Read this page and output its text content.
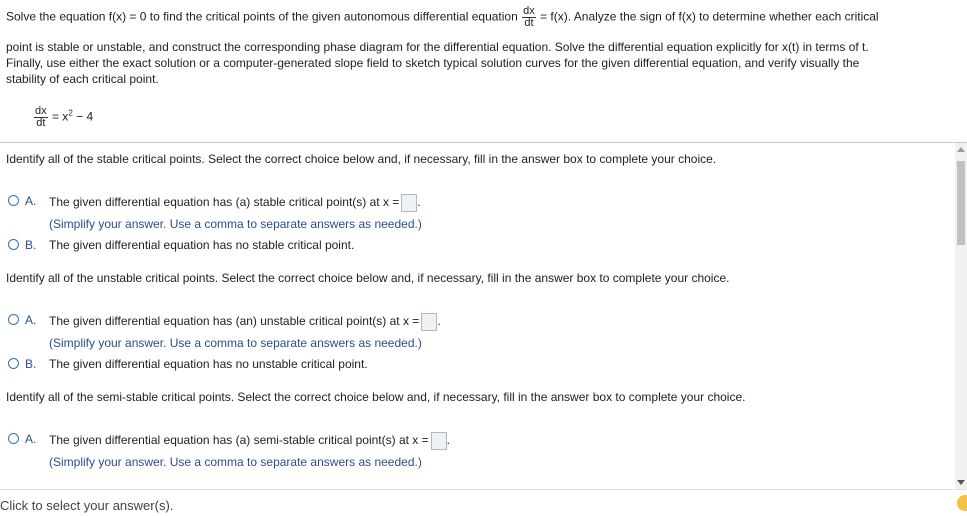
Solve the equation f(x) = 0 to find the critical points of the given autonomous differential equation $\frac{dx}{dt} = f(x)$. Analyze the sign of f(x) to determine whether each critical
point is stable or unstable, and construct the corresponding phase diagram for the differential equation. Solve the differential equation explicitly for x(t) in terms of t.
Finally, use either the exact solution or a computer-generated slope field to sketch typical solution curves for the given differential equation, and verify visually the
stability of each critical point.
$\frac{dx}{dt} = x^2 - 4$
Identify all of the stable critical points. Select the correct choice below and, if necessary, fill in the answer box to complete your choice.
A.	The given differential equation has (a) stable critical point(s) at x = .
(Simplify your answer. Use a comma to separate answers as needed.)
B.	The given differential equation has no stable critical point.
Identify all of the unstable critical points. Select the correct choice below and, if necessary, fill in the answer box to complete your choice.
A.	The given differential equation has (an) unstable critical point(s) at x = .
(Simplify your answer. Use a comma to separate answers as needed.)
B.	The given differential equation has no unstable critical point.
Identify all of the semi-stable critical points. Select the correct choice below and, if necessary, fill in the answer box to complete your choice.
A.	The given differential equation has (a) semi-stable critical point(s) at x = .
(Simplify your answer. Use a comma to separate answers as needed.)
Click to select your answer(s).
